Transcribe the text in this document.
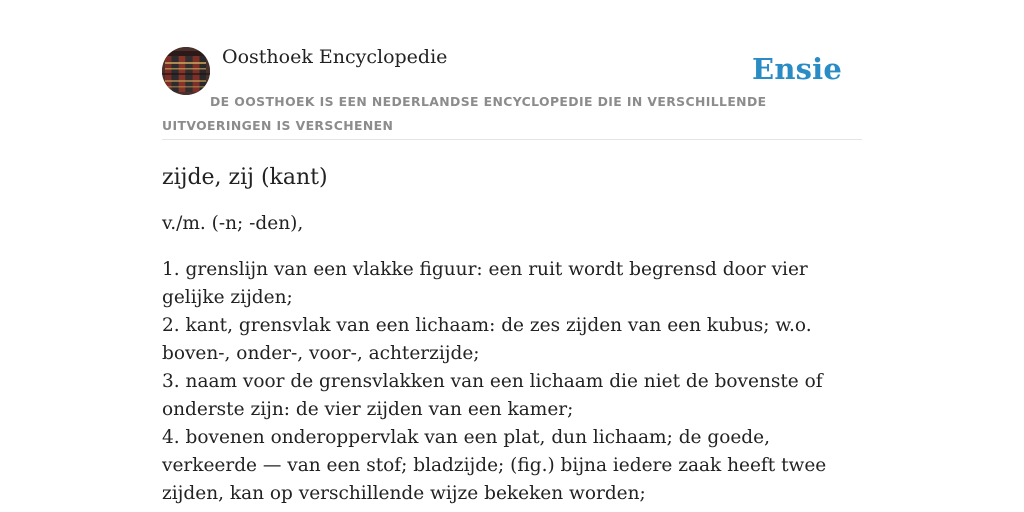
Oosthoek Encyclopedie	Ensie

DE OOSTHOEK IS EEN NEDERLANDSE ENCYCLOPEDIE DIE IN VERSCHILLENDE UITVOERINGEN IS VERSCHENEN

zijde, zij (kant)

v./m. (-n; -den),

1. grenslijn van een vlakke figuur: een ruit wordt begrensd door vier gelijke zijden;
2. kant, grensvlak van een lichaam: de zes zijden van een kubus; w.o. boven-, onder-, voor-, achterzijde;
3. naam voor de grensvlakken van een lichaam die niet de bovenste of onderste zijn: de vier zijden van een kamer;
4. bovenen onderoppervlak van een plat, dun lichaam; de goede, verkeerde — van een stof; bladzijde; (fig.) bijna iedere zaak heeft twee zijden, kan op verschillende wijze bekeken worden;
